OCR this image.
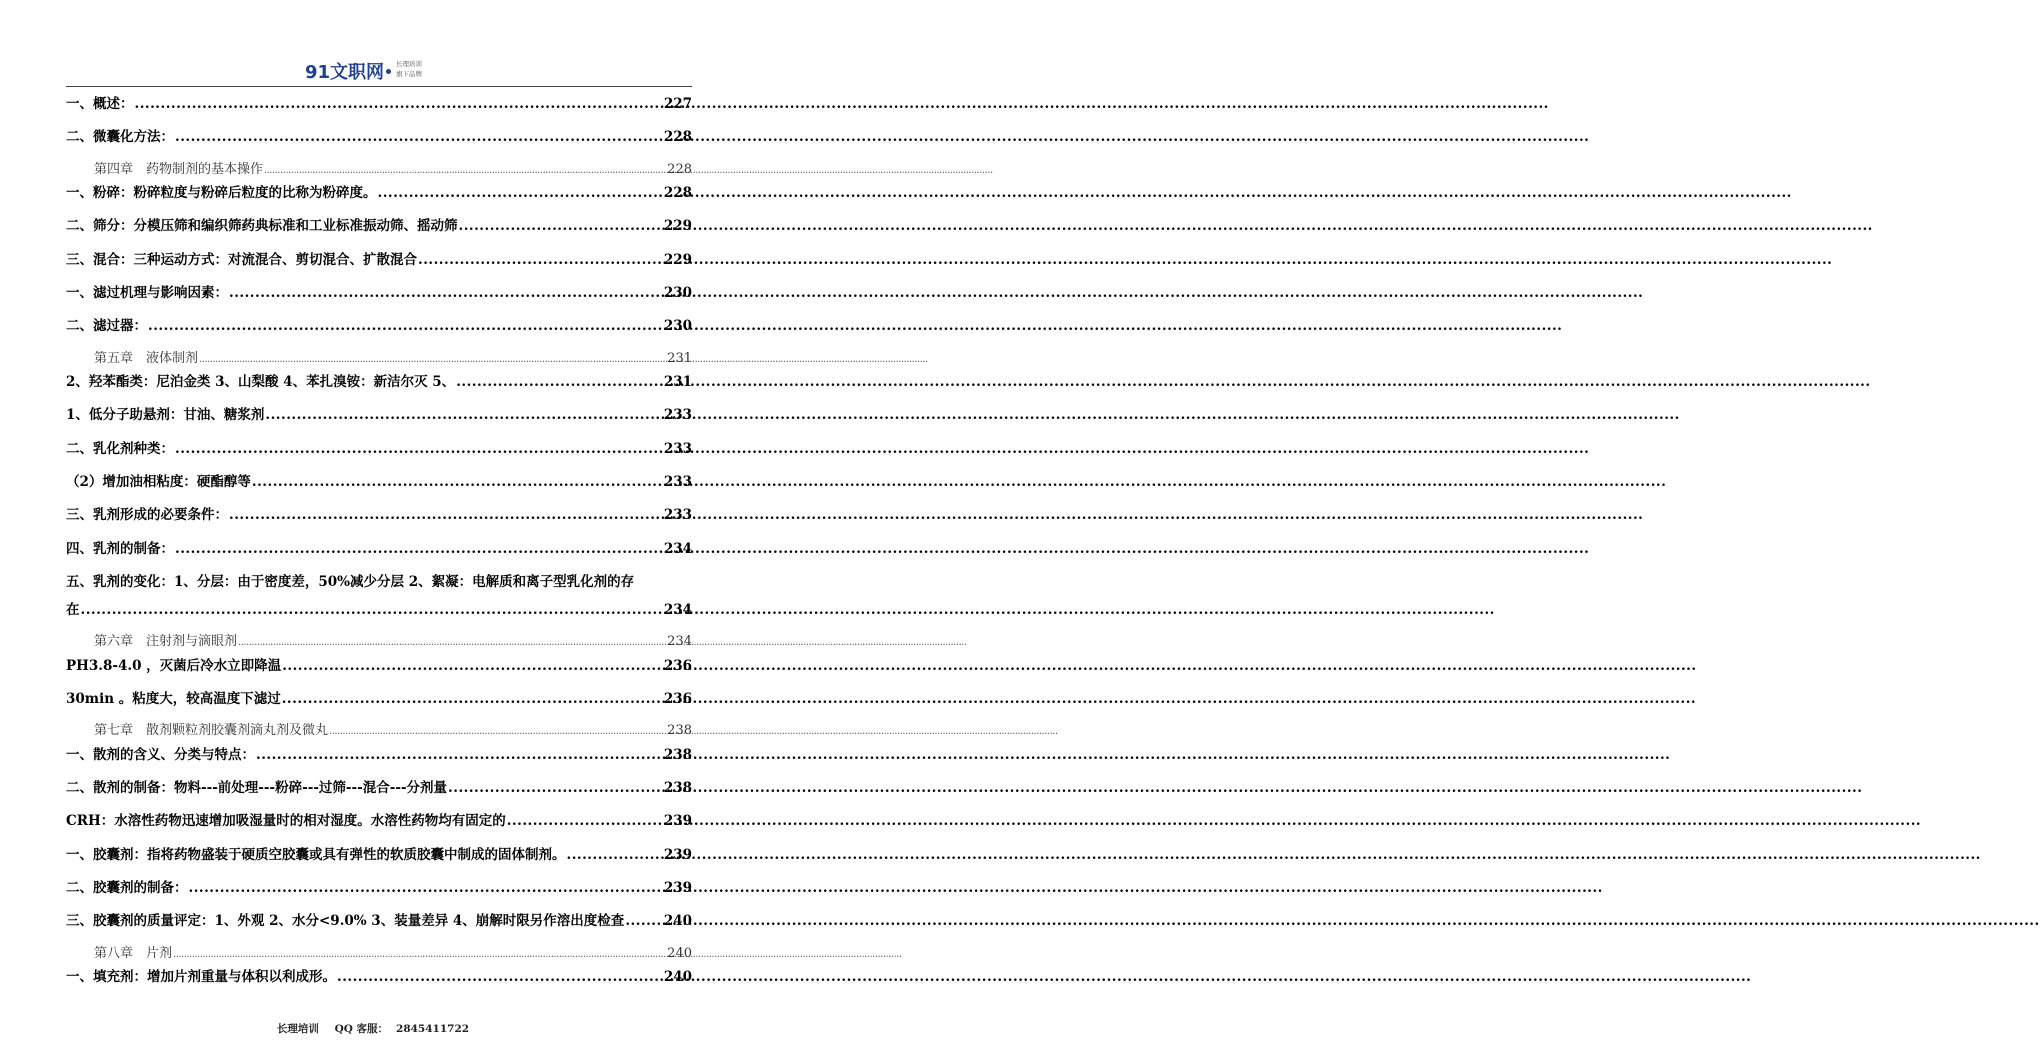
91文职网 长理培训
旗下品牌
一、概述： .....	227
二、微囊化方法： .....	228
第四章　药物制剂的基本操作 .....	228
一、粉碎：粉碎粒度与粉碎后粒度的比称为粉碎度。 .....	228
二、筛分：分模压筛和编织筛药典标准和工业标准振动筛、摇动筛 .....	229
三、混合：三种运动方式：对流混合、剪切混合、扩散混合 .....	229
一、滤过机理与影响因素： .....	230
二、滤过器： .....	230
第五章　液体制剂 .....	231
2、羟苯酯类：尼泊金类 3、山梨酸 4、苯扎溴铵：新洁尔灭 5、 .....	231
1、低分子助悬剂：甘油、糖浆剂 .....	233
二、乳化剂种类： .....	233
（2）增加油相粘度：硬酯醇等 .....	233
三、乳剂形成的必要条件： .....	233
四、乳剂的制备： .....	234
五、乳剂的变化：1、分层：由于密度差，50%减少分层 2、絮凝：电解质和离子型乳化剂的存
在 .....	234
第六章　注射剂与滴眼剂 .....	234
PH3.8-4.0 ，灭菌后冷水立即降温 .....	236
30min 。粘度大，较高温度下滤过 .....	236
第七章　散剂颗粒剂胶囊剂滴丸剂及微丸 .....	238
一、散剂的含义、分类与特点： .....	238
二、散剂的制备：物料---前处理---粉碎---过筛---混合---分剂量 .....	238
CRH：水溶性药物迅速增加吸湿量时的相对湿度。水溶性药物均有固定的 .....	239
一、胶囊剂：指将药物盛装于硬质空胶囊或具有弹性的软质胶囊中制成的固体制剂。 .....	239
二、胶囊剂的制备： .....	239
三、胶囊剂的质量评定：1、外观 2、水分<9.0% 3、装量差异 4、崩解时限另作溶出度检查 .....	240
第八章　片剂 .....	240
一、填充剂：增加片剂重量与体积以利成形。 .....	240
长理培训 QQ 客服： 2845411722
